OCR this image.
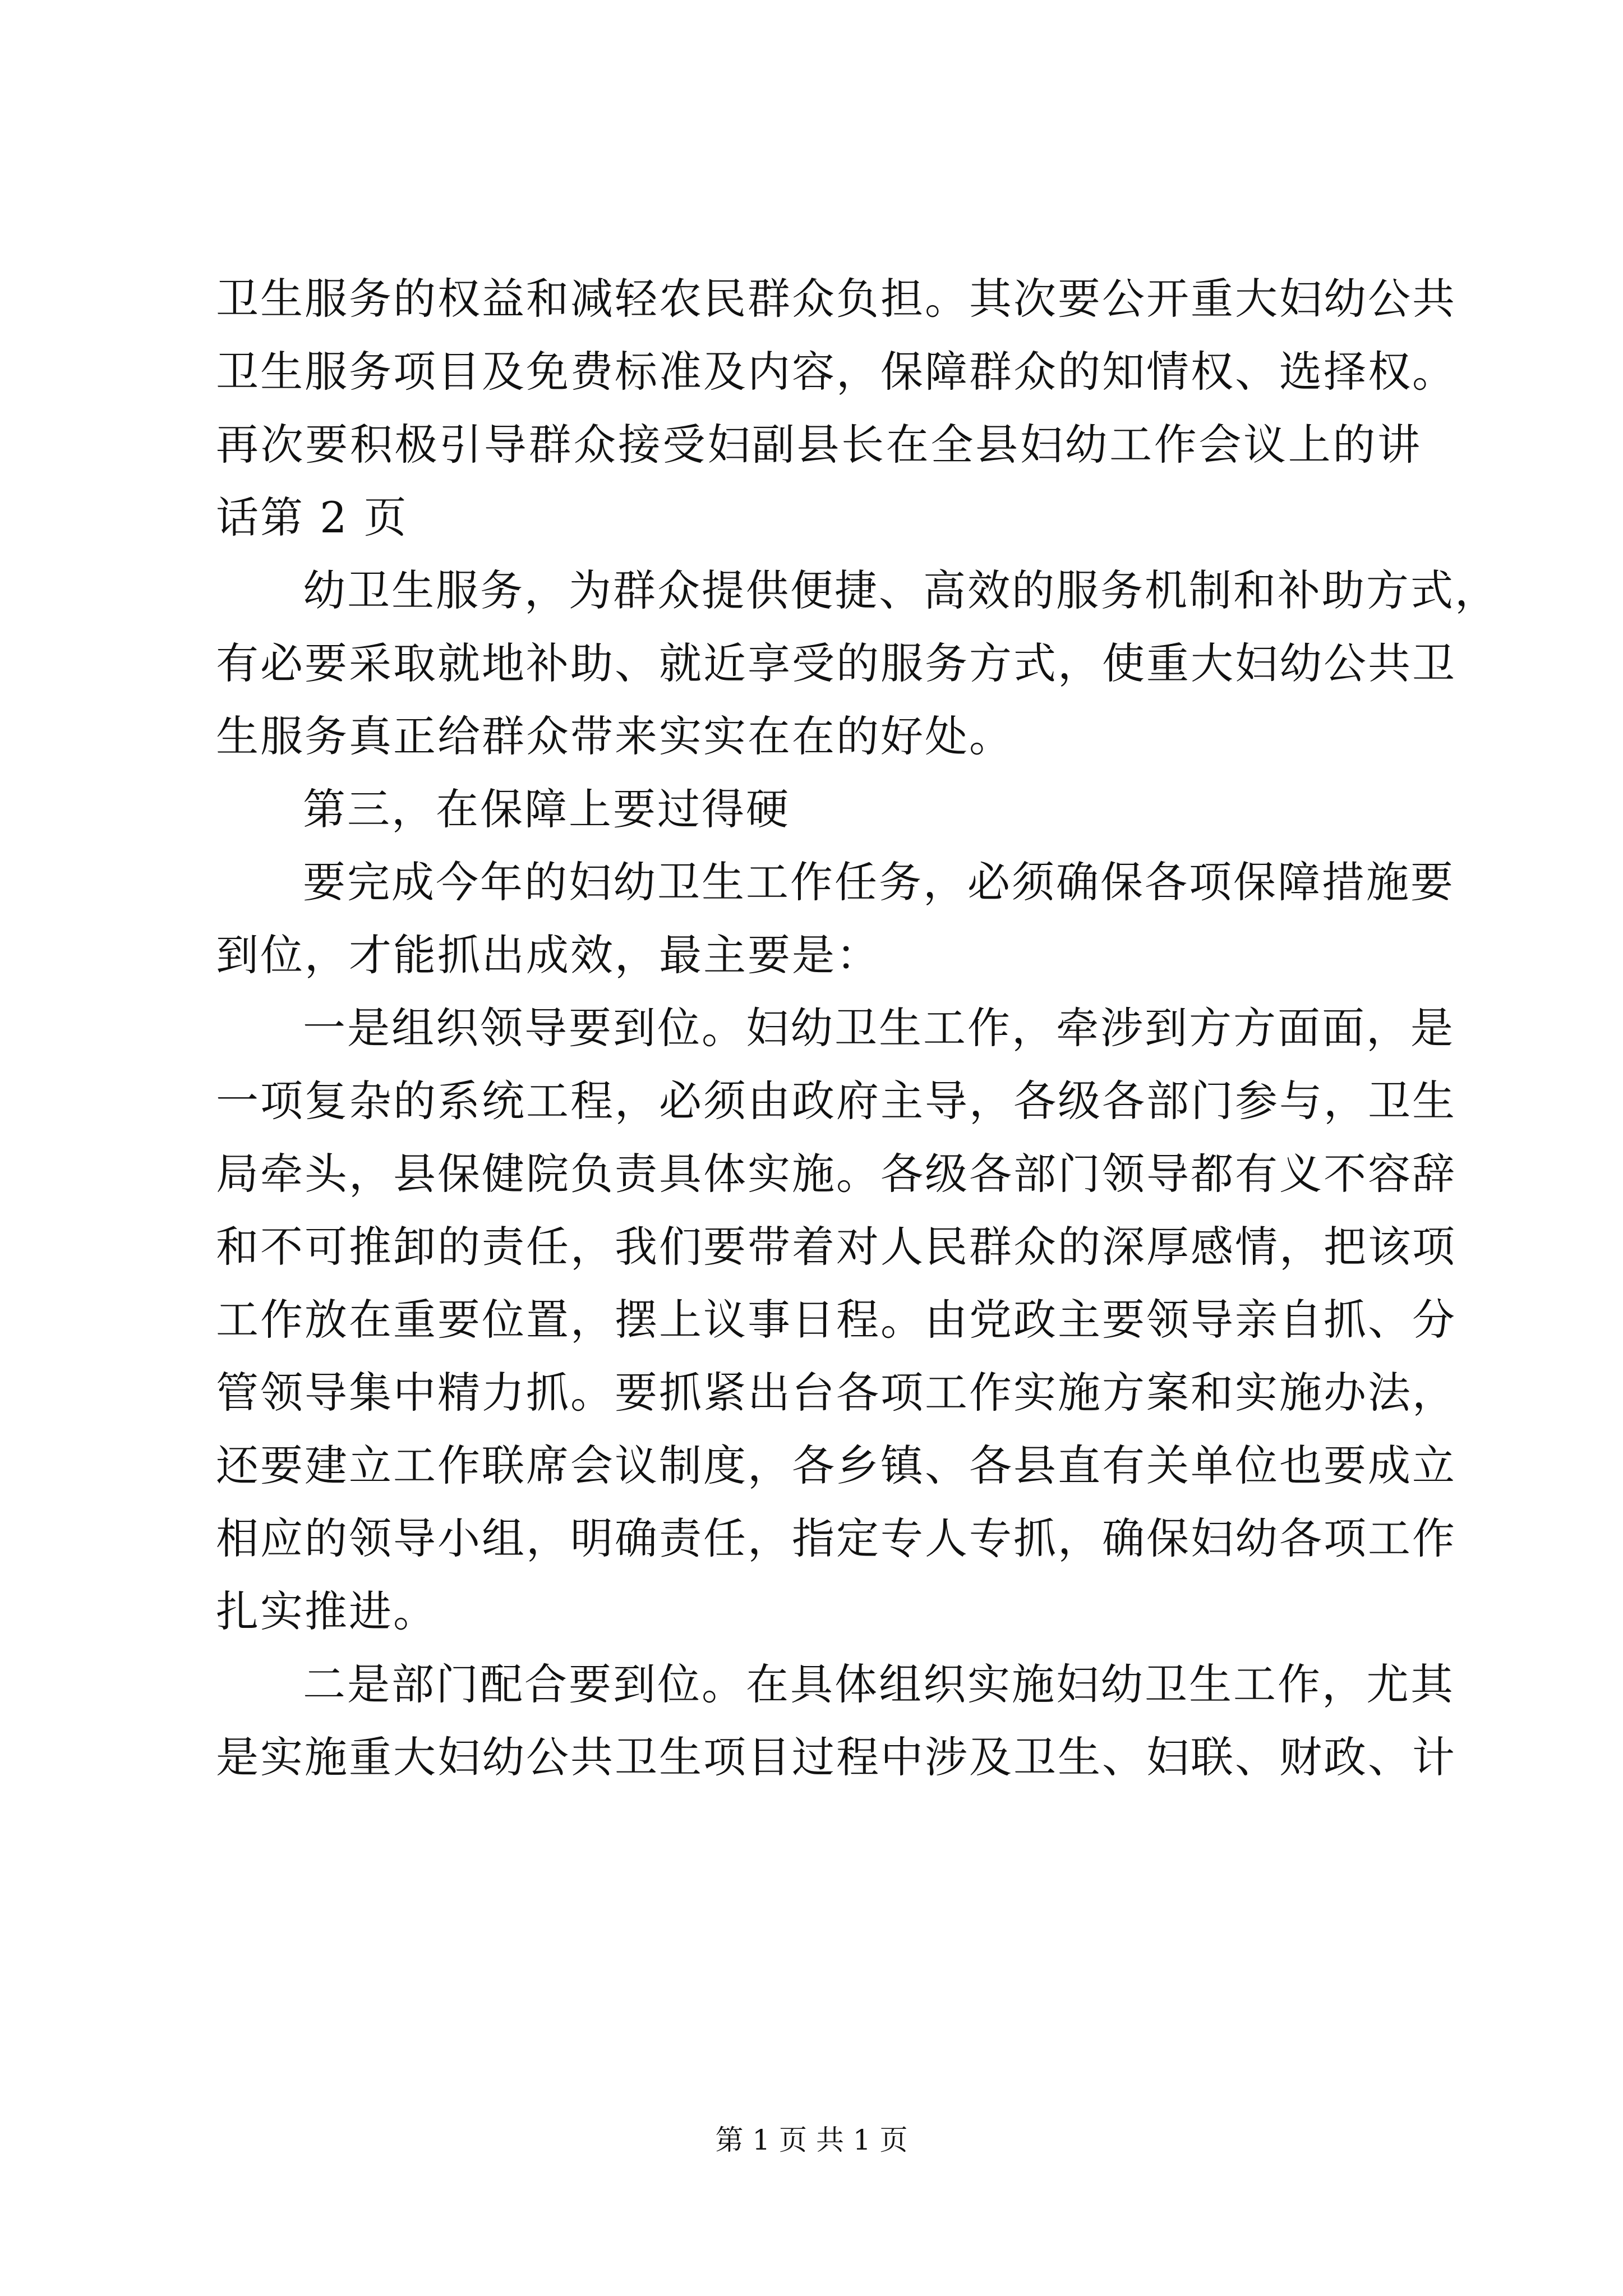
卫生服务的权益和减轻农民群众负担。其次要公开重大妇幼公共
卫生服务项目及免费标准及内容，保障群众的知情权、选择权。
再次要积极引导群众接受妇副县长在全县妇幼工作会议上的讲
话第 2 页
幼卫生服务，为群众提供便捷、高效的服务机制和补助方式，
有必要采取就地补助、就近享受的服务方式，使重大妇幼公共卫
生服务真正给群众带来实实在在的好处。
第三，在保障上要过得硬
要完成今年的妇幼卫生工作任务，必须确保各项保障措施要
到位，才能抓出成效，最主要是：
一是组织领导要到位。妇幼卫生工作，牵涉到方方面面，是
一项复杂的系统工程，必须由政府主导，各级各部门参与，卫生
局牵头，县保健院负责具体实施。各级各部门领导都有义不容辞
和不可推卸的责任，我们要带着对人民群众的深厚感情，把该项
工作放在重要位置，摆上议事日程。由党政主要领导亲自抓、分
管领导集中精力抓。要抓紧出台各项工作实施方案和实施办法，
还要建立工作联席会议制度，各乡镇、各县直有关单位也要成立
相应的领导小组，明确责任，指定专人专抓，确保妇幼各项工作
扎实推进。
二是部门配合要到位。在具体组织实施妇幼卫生工作，尤其
是实施重大妇幼公共卫生项目过程中涉及卫生、妇联、财政、计
第 1 页 共 1 页
